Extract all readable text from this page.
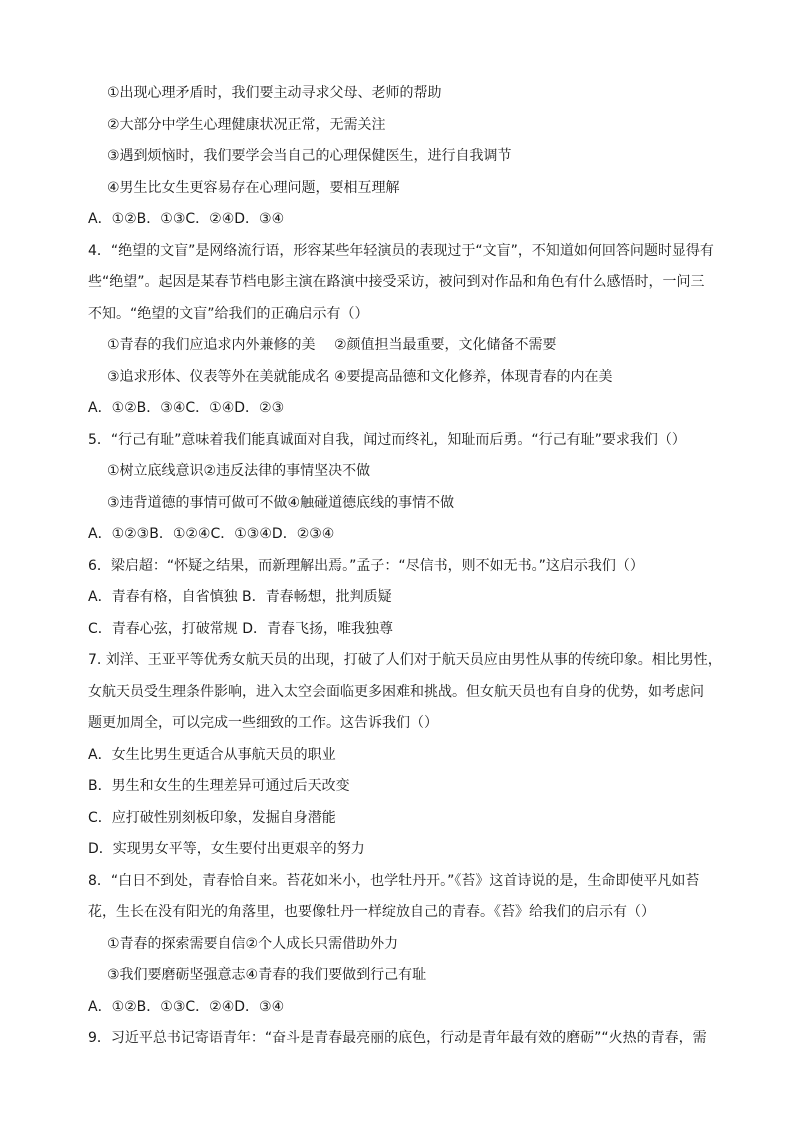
①出现心理矛盾时，我们要主动寻求父母、老师的帮助
②大部分中学生心理健康状况正常，无需关注
③遇到烦恼时，我们要学会当自己的心理保健医生，进行自我调节
④男生比女生更容易存在心理问题，要相互理解
A．①②B．①③C．②④D．③④
4．“绝望的文盲”是网络流行语，形容某些年轻演员的表现过于“文盲”，不知道如何回答问题时显得有
些“绝望”。起因是某春节档电影主演在路演中接受采访，被问到对作品和角色有什么感悟时，一问三
不知。“绝望的文盲”给我们的正确启示有（）
①青春的我们应追求内外兼修的美　 ②颜值担当最重要，文化储备不需要
③追求形体、仪表等外在美就能成名 ④要提高品德和文化修养，体现青春的内在美
A．①②B．③④C．①④D．②③
5．“行己有耻”意味着我们能真诚面对自我，闻过而终礼，知耻而后勇。“行己有耻”要求我们（）
①树立底线意识②违反法律的事情坚决不做
③违背道德的事情可做可不做④触碰道德底线的事情不做
A．①②③B．①②④C．①③④D．②③④
6．梁启超：“怀疑之结果，而新理解出焉。”孟子：“尽信书，则不如无书。”这启示我们（）
A．青春有格，自省慎独 B．青春畅想，批判质疑
C．青春心弦，打破常规 D．青春飞扬，唯我独尊
7. 刘洋、王亚平等优秀女航天员的出现，打破了人们对于航天员应由男性从事的传统印象。相比男性，
女航天员受生理条件影响，进入太空会面临更多困难和挑战。但女航天员也有自身的优势，如考虑问
题更加周全，可以完成一些细致的工作。这告诉我们（）
A．女生比男生更适合从事航天员的职业
B．男生和女生的生理差异可通过后天改变
C．应打破性别刻板印象，发掘自身潜能
D．实现男女平等，女生要付出更艰辛的努力
8．“白日不到处，青春恰自来。苔花如米小，也学牡丹开。”《苔》这首诗说的是，生命即使平凡如苔
花，生长在没有阳光的角落里，也要像牡丹一样绽放自己的青春。《苔》给我们的启示有（）
①青春的探索需要自信②个人成长只需借助外力
③我们要磨砺坚强意志④青春的我们要做到行己有耻
A．①②B．①③C．②④D．③④
9．习近平总书记寄语青年：“奋斗是青春最亮丽的底色，行动是青年最有效的磨砺”“火热的青春，需
